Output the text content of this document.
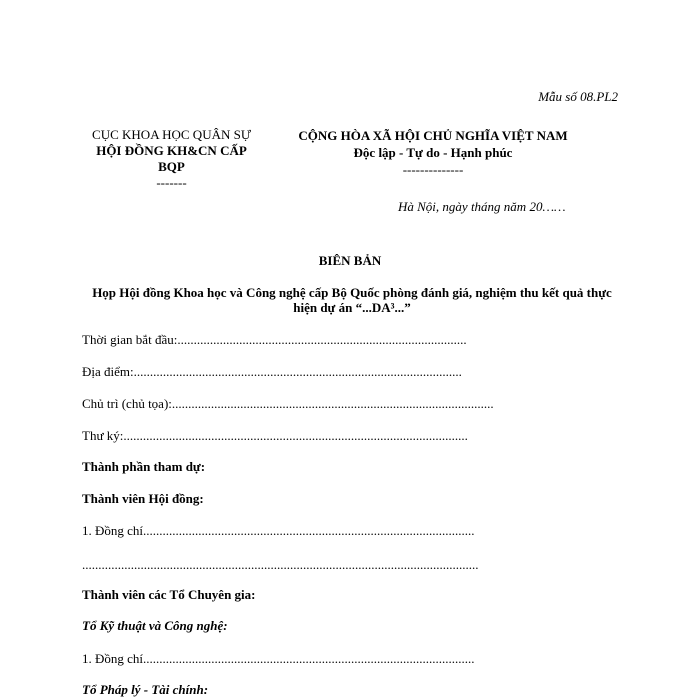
Mẫu số 08.PL2
CỤC KHOA HỌC QUÂN SỰ
HỘI ĐỒNG KH&CN CẤP BQP
-------
CỘNG HÒA XÃ HỘI CHỦ NGHĨA VIỆT NAM
Độc lập - Tự do - Hạnh phúc
--------------
Hà Nội, ngày tháng năm 20……
BIÊN BẢN
Họp Hội đồng Khoa học và Công nghệ cấp Bộ Quốc phòng đánh giá, nghiệm thu kết quả thực hiện dự án “...DA³...”
Thời gian bắt đầu:.........................................................................................
Địa điểm:.....................................................................................................
Chủ trì (chủ tọa):...................................................................................................
Thư ký:..........................................................................................................
Thành phần tham dự:
Thành viên Hội đồng:
1. Đồng chí......................................................................................................
..........................................................................................................................
Thành viên các Tổ Chuyên gia:
Tổ Kỹ thuật và Công nghệ:
1. Đồng chí......................................................................................................
Tổ Pháp lý - Tài chính:
